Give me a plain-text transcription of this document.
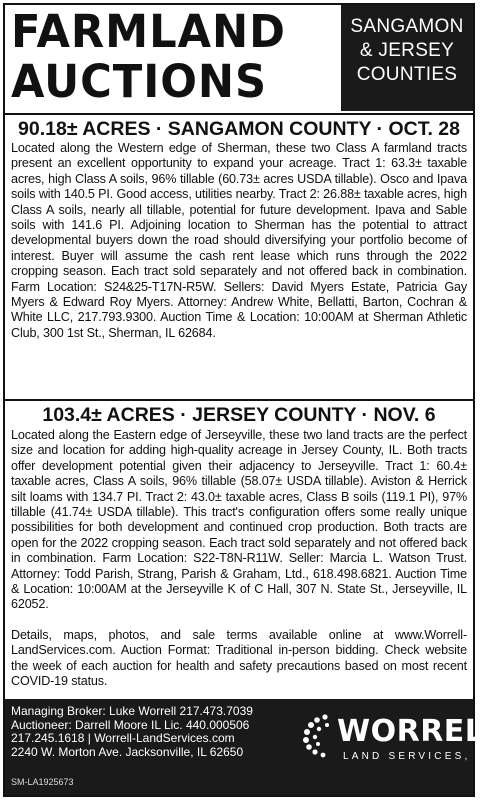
FARMLAND
AUCTIONS
SANGAMON
& JERSEY
COUNTIES
90.18± ACRES · SANGAMON COUNTY · OCT. 28
Located along the Western edge of Sherman, these two Class A farmland tracts present an excellent opportunity to expand your acreage. Tract 1: 63.3± taxable acres, high Class A soils, 96% tillable (60.73± acres USDA tillable). Osco and Ipava soils with 140.5 PI. Good access, utilities nearby. Tract 2: 26.88± taxable acres, high Class A soils, nearly all tillable, potential for future development. Ipava and Sable soils with 141.6 PI. Adjoining location to Sherman has the potential to attract developmental buyers down the road should diversifying your portfolio become of interest. Buyer will assume the cash rent lease which runs through the 2022 cropping season. Each tract sold separately and not offered back in combination. Farm Location: S24&25-T17N-R5W. Sellers: David Myers Estate, Patricia Gay Myers & Edward Roy Myers. Attorney: Andrew White, Bellatti, Barton, Cochran & White LLC, 217.793.9300. Auction Time & Location: 10:00AM at Sherman Athletic Club, 300 1st St., Sherman, IL 62684.
103.4± ACRES · JERSEY COUNTY · NOV. 6
Located along the Eastern edge of Jerseyville, these two land tracts are the perfect size and location for adding high-quality acreage in Jersey County, IL. Both tracts offer development potential given their adjacency to Jerseyville. Tract 1: 60.4± taxable acres, Class A soils, 96% tillable (58.07± USDA tillable). Aviston & Herrick silt loams with 134.7 PI. Tract 2: 43.0± taxable acres, Class B soils (119.1 PI), 97% tillable (41.74± USDA tillable). This tract's configuration offers some really unique possibilities for both development and continued crop production. Both tracts are open for the 2022 cropping season. Each tract sold separately and not offered back in combination. Farm Location: S22-T8N-R11W. Seller: Marcia L. Watson Trust. Attorney: Todd Parish, Strang, Parish & Graham, Ltd., 618.498.6821. Auction Time & Location: 10:00AM at the Jerseyville K of C Hall, 307 N. State St., Jerseyville, IL 62052.
Details, maps, photos, and sale terms available online at www.Worrell-LandServices.com. Auction Format: Traditional in-person bidding. Check website the week of each auction for health and safety precautions based on most recent COVID-19 status.
Managing Broker: Luke Worrell 217.473.7039
Auctioneer: Darrell Moore IL Lic. 440.000506
217.245.1618 | Worrell-LandServices.com
2240 W. Morton Ave. Jacksonville, IL 62650
WORRELL
LAND SERVICES, LLC
SM-LA1925673
